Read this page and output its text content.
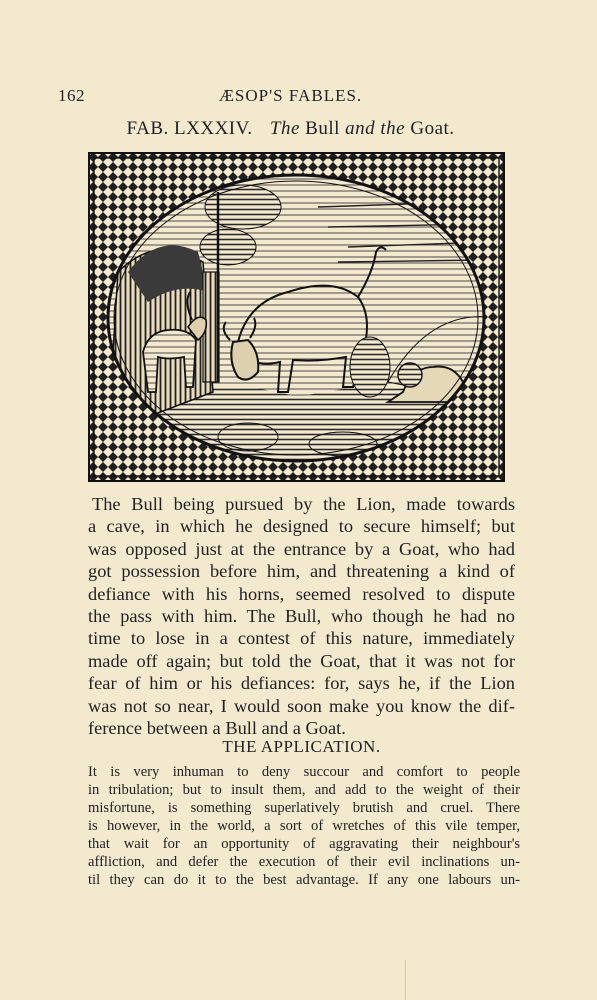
162	ÆSOP'S FABLES.
FAB. LXXXIV. The Bull and the Goat.
The Bull being pursued by the Lion, made towards
a cave, in which he designed to secure himself; but
was opposed just at the entrance by a Goat, who had
got possession before him, and threatening a kind of
defiance with his horns, seemed resolved to dispute
the pass with him. The Bull, who though he had no
time to lose in a contest of this nature, immediately
made off again; but told the Goat, that it was not for
fear of him or his defiances: for, says he, if the Lion
was not so near, I would soon make you know the dif-
ference between a Bull and a Goat.
THE APPLICATION.
It is very inhuman to deny succour and comfort to people
in tribulation; but to insult them, and add to the weight of their
misfortune, is something superlatively brutish and cruel. There
is however, in the world, a sort of wretches of this vile temper,
that wait for an opportunity of aggravating their neighbour's
affliction, and defer the execution of their evil inclinations un-
til they can do it to the best advantage. If any one labours un-
